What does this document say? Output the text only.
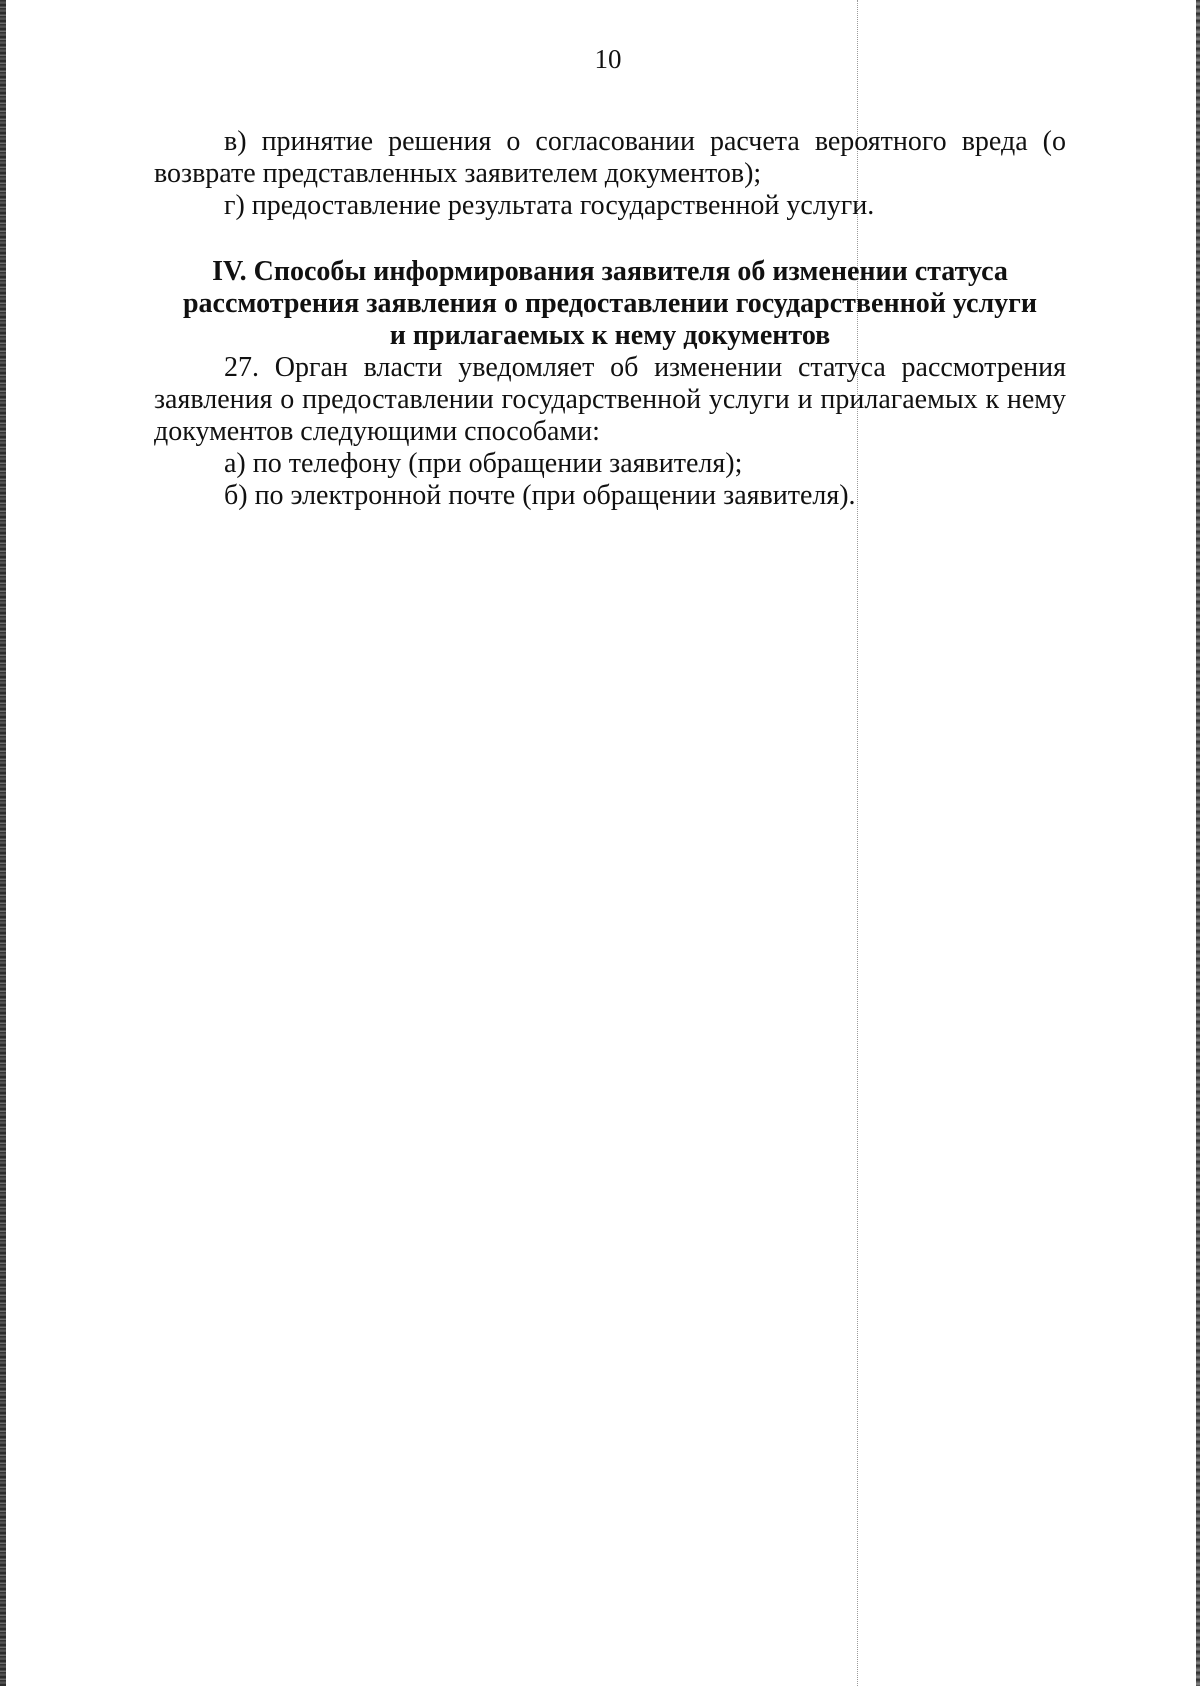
10

в) принятие решения о согласовании расчета вероятного вреда (о возврате представленных заявителем документов);

г) предоставление результата государственной услуги.

IV. Способы информирования заявителя об изменении статуса
рассмотрения заявления о предоставлении государственной услуги
и прилагаемых к нему документов

27. Орган власти уведомляет об изменении статуса рассмотрения заявления о предоставлении государственной услуги и прилагаемых к нему документов следующими способами:

а) по телефону (при обращении заявителя);

б) по электронной почте (при обращении заявителя).
